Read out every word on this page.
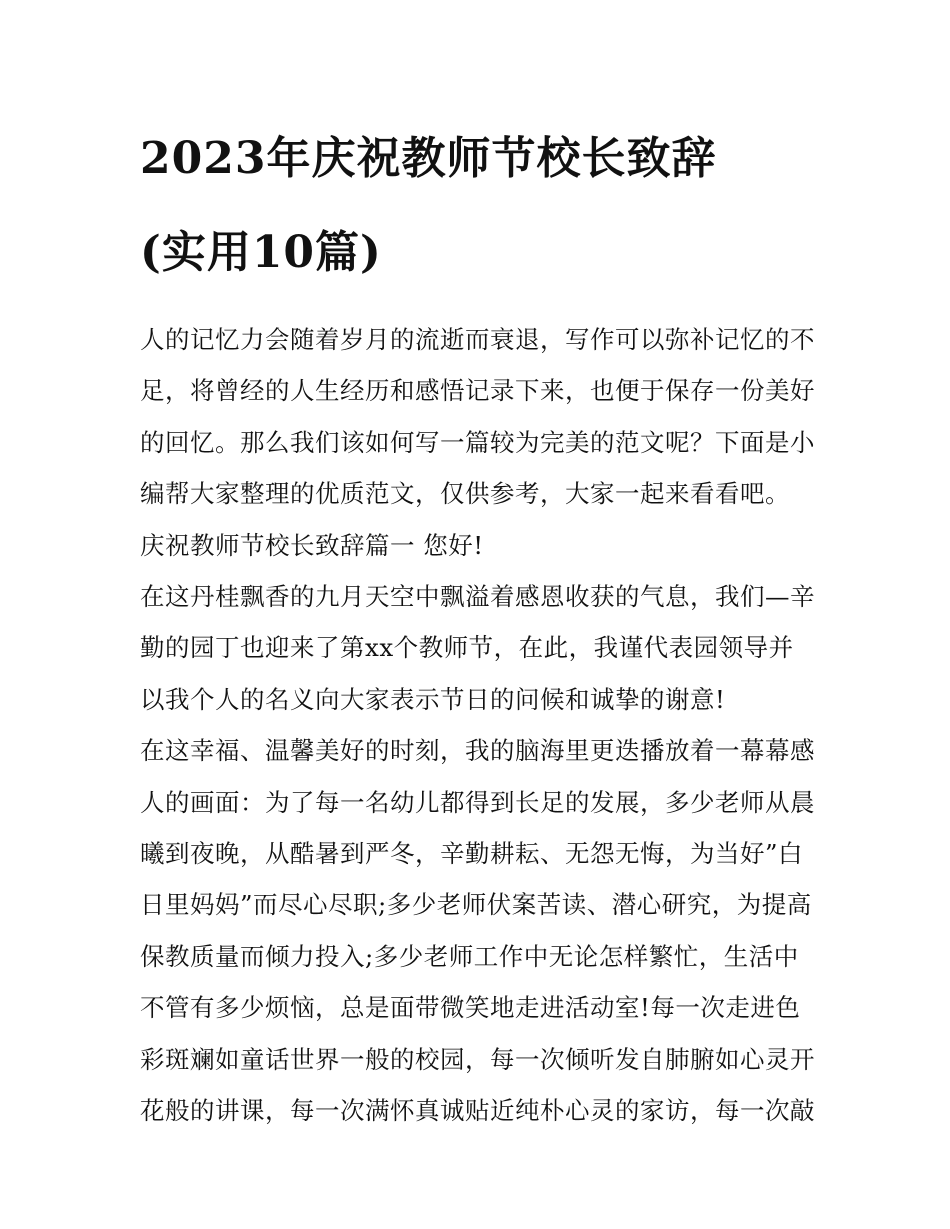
2023年庆祝教师节校长致辞
(实用10篇)
人的记忆力会随着岁月的流逝而衰退，写作可以弥补记忆的不
足，将曾经的人生经历和感悟记录下来，也便于保存一份美好
的回忆。那么我们该如何写一篇较为完美的范文呢？下面是小
编帮大家整理的优质范文，仅供参考，大家一起来看看吧。
庆祝教师节校长致辞篇一 您好!
在这丹桂飘香的九月天空中飘溢着感恩收获的气息，我们—辛
勤的园丁也迎来了第xx个教师节，在此，我谨代表园领导并
以我个人的名义向大家表示节日的问候和诚挚的谢意!
在这幸福、温馨美好的时刻，我的脑海里更迭播放着一幕幕感
人的画面：为了每一名幼儿都得到长足的发展，多少老师从晨
曦到夜晚，从酷暑到严冬，辛勤耕耘、无怨无悔，为当好”白
日里妈妈”而尽心尽职;多少老师伏案苦读、潜心研究，为提高
保教质量而倾力投入;多少老师工作中无论怎样繁忙，生活中
不管有多少烦恼，总是面带微笑地走进活动室!每一次走进色
彩斑斓如童话世界一般的校园，每一次倾听发自肺腑如心灵开
花般的讲课，每一次满怀真诚贴近纯朴心灵的家访，每一次敲
